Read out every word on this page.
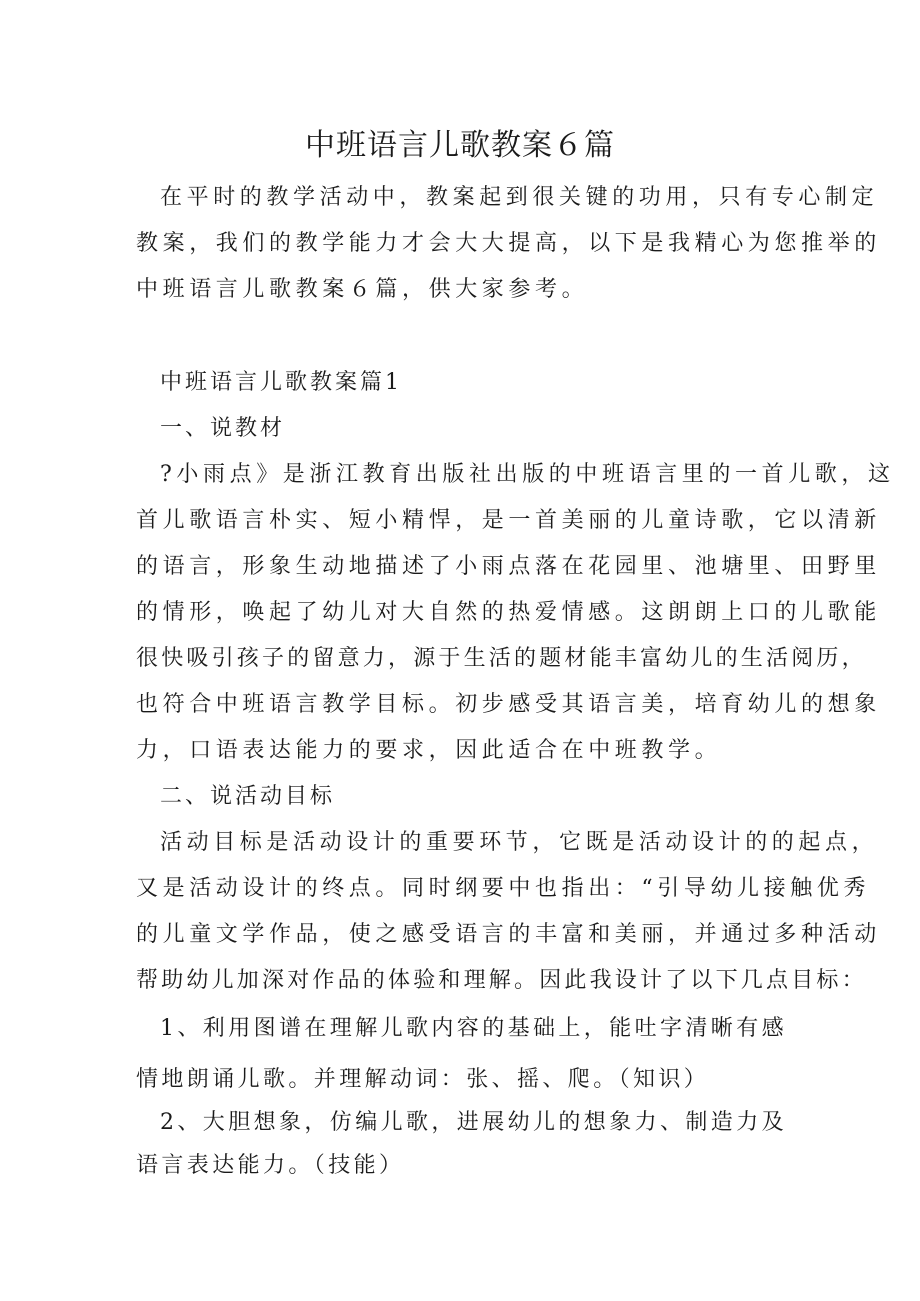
中班语言儿歌教案６篇
在平时的教学活动中，教案起到很关键的功用，只有专心制定
教案，我们的教学能力才会大大提高，以下是我精心为您推举的
中班语言儿歌教案６篇，供大家参考。
中班语言儿歌教案篇1
一、说教材
?小雨点》是浙江教育出版社出版的中班语言里的一首儿歌，这
首儿歌语言朴实、短小精悍，是一首美丽的儿童诗歌，它以清新
的语言，形象生动地描述了小雨点落在花园里、池塘里、田野里
的情形，唤起了幼儿对大自然的热爱情感。这朗朗上口的儿歌能
很快吸引孩子的留意力，源于生活的题材能丰富幼儿的生活阅历，
也符合中班语言教学目标。初步感受其语言美，培育幼儿的想象
力，口语表达能力的要求，因此适合在中班教学。
二、说活动目标
活动目标是活动设计的重要环节，它既是活动设计的的起点，
又是活动设计的终点。同时纲要中也指出：“引导幼儿接触优秀
的儿童文学作品，使之感受语言的丰富和美丽，并通过多种活动
帮助幼儿加深对作品的体验和理解。因此我设计了以下几点目标：
1、利用图谱在理解儿歌内容的基础上，能吐字清晰有感
情地朗诵儿歌。并理解动词：张、摇、爬。（知识）
2、大胆想象，仿编儿歌，进展幼儿的想象力、制造力及
语言表达能力。（技能）
